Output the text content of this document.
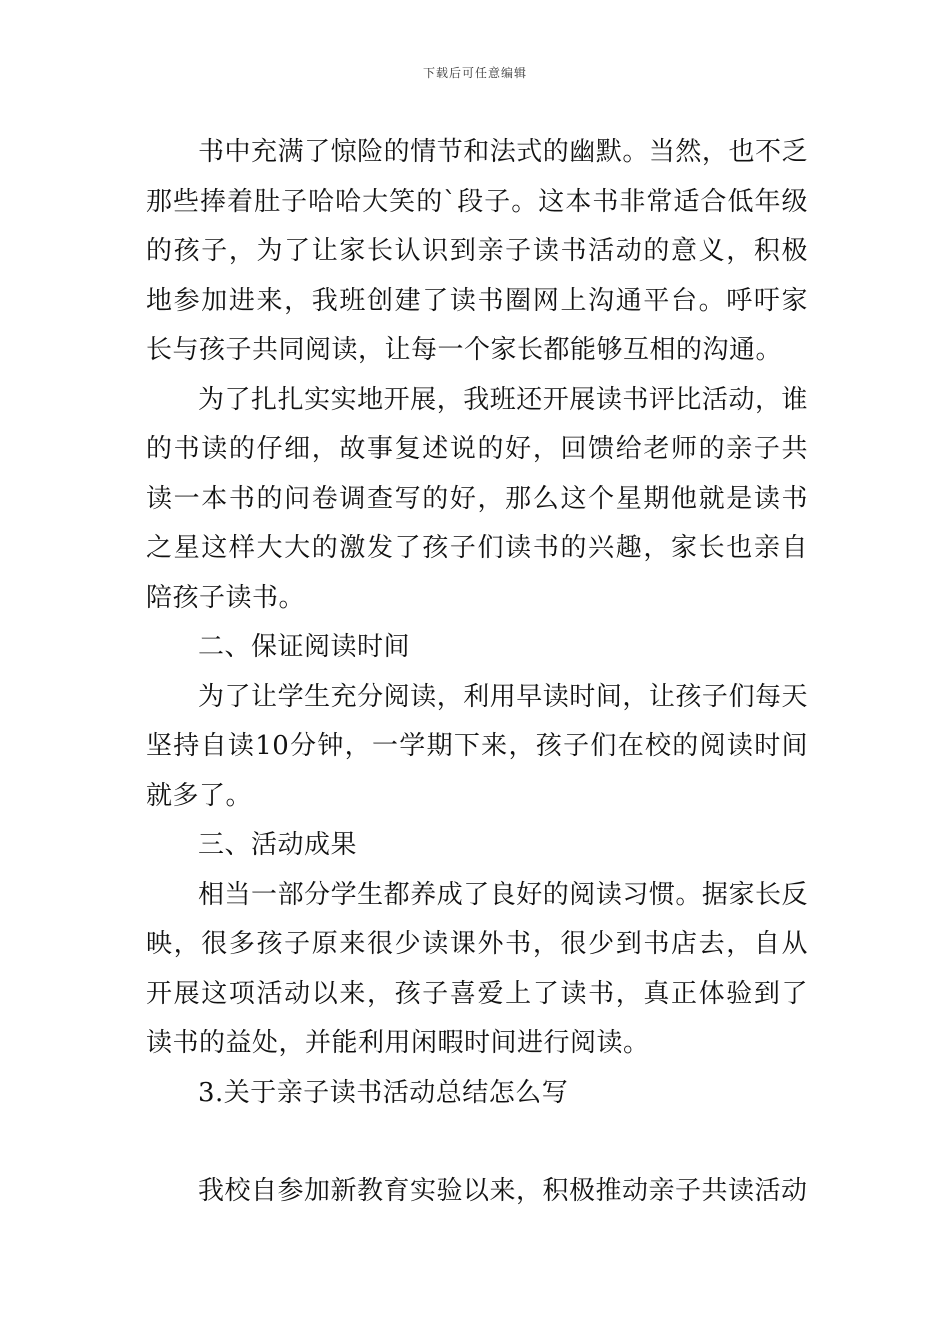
下载后可任意编辑

书中充满了惊险的情节和法式的幽默。当然，也不乏那些捧着肚子哈哈大笑的`段子。这本书非常适合低年级的孩子，为了让家长认识到亲子读书活动的意义，积极地参加进来，我班创建了读书圈网上沟通平台。呼吁家长与孩子共同阅读，让每一个家长都能够互相的沟通。

为了扎扎实实地开展，我班还开展读书评比活动，谁的书读的仔细，故事复述说的好，回馈给老师的亲子共读一本书的问卷调查写的好，那么这个星期他就是读书之星这样大大的激发了孩子们读书的兴趣，家长也亲自陪孩子读书。

二、保证阅读时间

为了让学生充分阅读，利用早读时间，让孩子们每天坚持自读10分钟，一学期下来，孩子们在校的阅读时间就多了。

三、活动成果

相当一部分学生都养成了良好的阅读习惯。据家长反映，很多孩子原来很少读课外书，很少到书店去，自从开展这项活动以来，孩子喜爱上了读书，真正体验到了读书的益处，并能利用闲暇时间进行阅读。

3.关于亲子读书活动总结怎么写

我校自参加新教育实验以来，积极推动亲子共读活动
